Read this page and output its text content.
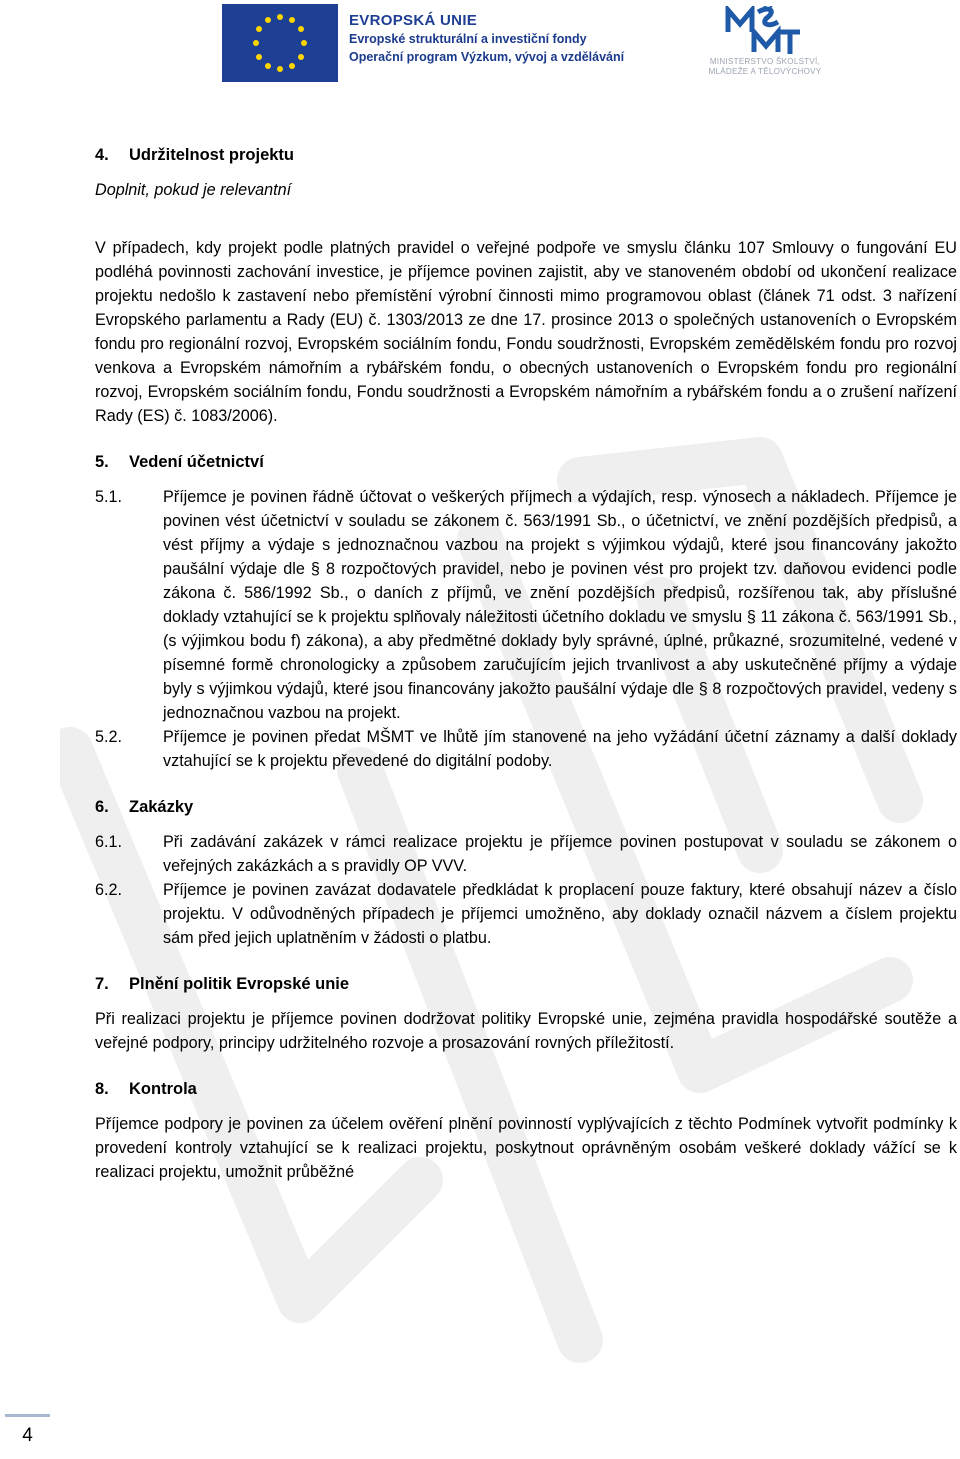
EVROPSKÁ UNIE
Evropské strukturální a investiční fondy
Operační program Výzkum, vývoj a vzdělávání	MINISTERSTVO ŠKOLSTVÍ,
MLÁDEŽE A TĚLOVÝCHOVY
4. Udržitelnost projektu

Doplnit, pokud je relevantní

V případech, kdy projekt podle platných pravidel o veřejné podpoře ve smyslu článku 107 Smlouvy o fungování EU podléhá povinnosti zachování investice, je příjemce povinen zajistit, aby ve stanoveném období od ukončení realizace projektu nedošlo k zastavení nebo přemístění výrobní činnosti mimo programovou oblast (článek 71 odst. 3 nařízení Evropského parlamentu a Rady (EU) č. 1303/2013 ze dne 17. prosince 2013 o společných ustanoveních o Evropském fondu pro regionální rozvoj, Evropském sociálním fondu, Fondu soudržnosti, Evropském zemědělském fondu pro rozvoj venkova a Evropském námořním a rybářském fondu, o obecných ustanoveních o Evropském fondu pro regionální rozvoj, Evropském sociálním fondu, Fondu soudržnosti a Evropském námořním a rybářském fondu a o zrušení nařízení Rady (ES) č. 1083/2006).

5. Vedení účetnictví
5.1.	Příjemce je povinen řádně účtovat o veškerých příjmech a výdajích, resp. výnosech a nákladech. Příjemce je povinen vést účetnictví v souladu se zákonem č. 563/1991 Sb., o účetnictví, ve znění pozdějších předpisů, a vést příjmy a výdaje s jednoznačnou vazbou na projekt s výjimkou výdajů, které jsou financovány jakožto paušální výdaje dle § 8 rozpočtových pravidel, nebo je povinen vést pro projekt tzv. daňovou evidenci podle zákona č. 586/1992 Sb., o daních z příjmů, ve znění pozdějších předpisů, rozšířenou tak, aby příslušné doklady vztahující se k projektu splňovaly náležitosti účetního dokladu ve smyslu § 11 zákona č. 563/1991 Sb., (s výjimkou bodu f) zákona), a aby předmětné doklady byly správné, úplné, průkazné, srozumitelné, vedené v písemné formě chronologicky a způsobem zaručujícím jejich trvanlivost a aby uskutečněné příjmy a výdaje byly s výjimkou výdajů, které jsou financovány jakožto paušální výdaje dle § 8 rozpočtových pravidel, vedeny s jednoznačnou vazbou na projekt.
5.2.	Příjemce je povinen předat MŠMT ve lhůtě jím stanovené na jeho vyžádání účetní záznamy a další doklady vztahující se k projektu převedené do digitální podoby.
6. Zakázky
6.1.	Při zadávání zakázek v rámci realizace projektu je příjemce povinen postupovat v souladu se zákonem o veřejných zakázkách a s pravidly OP VVV.
6.2.	Příjemce je povinen zavázat dodavatele předkládat k proplacení pouze faktury, které obsahují název a číslo projektu. V odůvodněných případech je příjemci umožněno, aby doklady označil názvem a číslem projektu sám před jejich uplatněním v žádosti o platbu.
7. Plnění politik Evropské unie

Při realizaci projektu je příjemce povinen dodržovat politiky Evropské unie, zejména pravidla hospodářské soutěže a veřejné podpory, principy udržitelného rozvoje a prosazování rovných příležitostí.

8. Kontrola

Příjemce podpory je povinen za účelem ověření plnění povinností vyplývajících z těchto Podmínek vytvořit podmínky k provedení kontroly vztahující se k realizaci projektu, poskytnout oprávněným osobám veškeré doklady vážící se k realizaci projektu, umožnit průběžné

4
